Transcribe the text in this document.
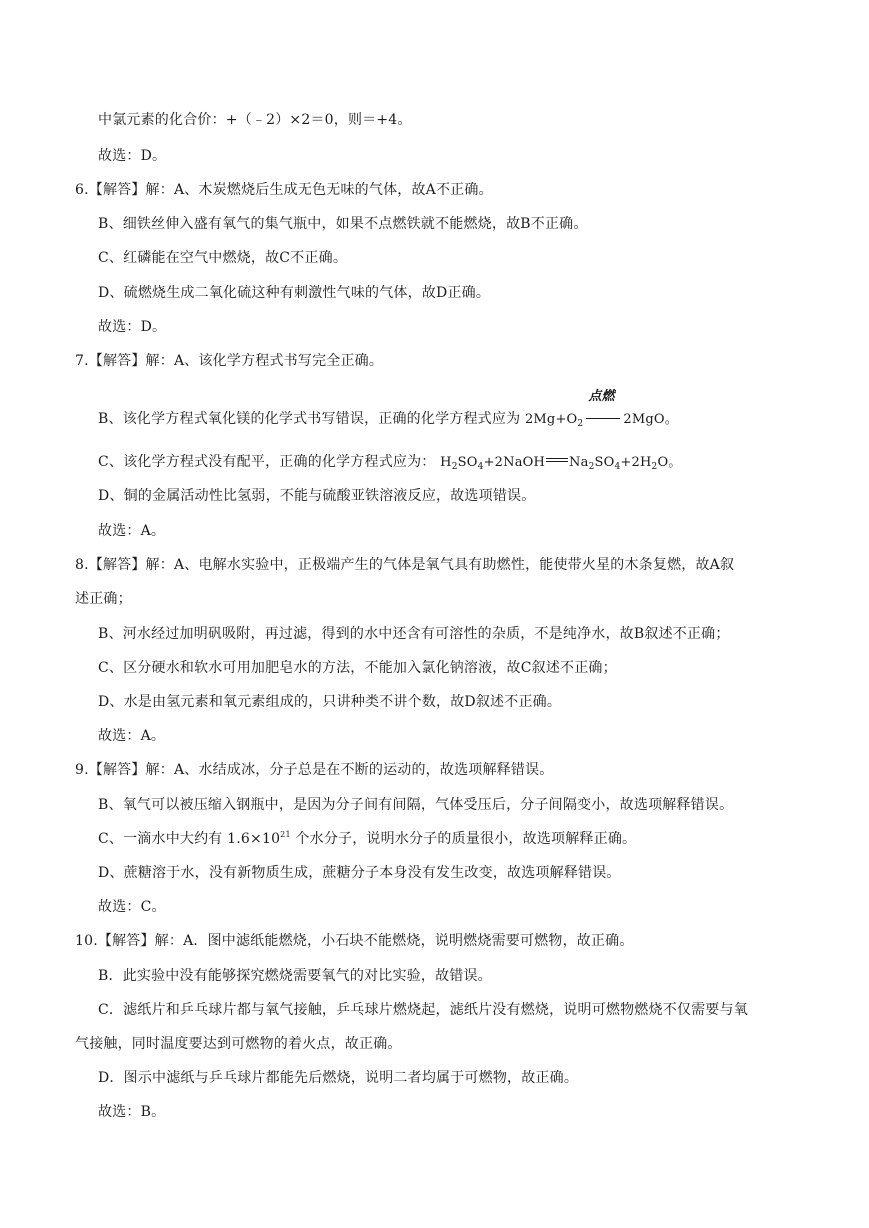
中氯元素的化合价：+（﹣2）×2＝0，则＝+4。
故选：D。
6.【解答】解：A、木炭燃烧后生成无色无味的气体，故A不正确。
B、细铁丝伸入盛有氧气的集气瓶中，如果不点燃铁就不能燃烧，故B不正确。
C、红磷能在空气中燃烧，故C不正确。
D、硫燃烧生成二氧化硫这种有刺激性气味的气体，故D正确。
故选：D。
7.【解答】解：A、该化学方程式书写完全正确。
B、该化学方程式氧化镁的化学式书写错误，正确的化学方程式应为 $2Mg+O_2$
点燃
2MgO。
C、该化学方程式没有配平，正确的化学方程式应为： $H_2SO_4+2NaOH$ $Na_2SO_4+2H_2O$。
D、铜的金属活动性比氢弱，不能与硫酸亚铁溶液反应，故选项错误。
故选：A。
8.【解答】解：A、电解水实验中，正极端产生的气体是氧气具有助燃性，能使带火星的木条复燃，故A叙
述正确；
B、河水经过加明矾吸附，再过滤，得到的水中还含有可溶性的杂质，不是纯净水，故B叙述不正确；
C、区分硬水和软水可用加肥皂水的方法，不能加入氯化钠溶液，故C叙述不正确；
D、水是由氢元素和氧元素组成的，只讲种类不讲个数，故D叙述不正确。
故选：A。
9.【解答】解：A、水结成冰，分子总是在不断的运动的，故选项解释错误。
B、氧气可以被压缩入钢瓶中，是因为分子间有间隔，气体受压后，分子间隔变小，故选项解释错误。
C、一滴水中大约有 $1.6\times 10^{21}$ 个水分子，说明水分子的质量很小，故选项解释正确。
D、蔗糖溶于水，没有新物质生成，蔗糖分子本身没有发生改变，故选项解释错误。
故选：C。
10.【解答】解：A．图中滤纸能燃烧，小石块不能燃烧，说明燃烧需要可燃物，故正确。
B．此实验中没有能够探究燃烧需要氧气的对比实验，故错误。
C．滤纸片和乒乓球片都与氧气接触，乒乓球片燃烧起，滤纸片没有燃烧，说明可燃物燃烧不仅需要与氧
气接触，同时温度要达到可燃物的着火点，故正确。
D．图示中滤纸与乒乓球片都能先后燃烧，说明二者均属于可燃物，故正确。
故选：B。
